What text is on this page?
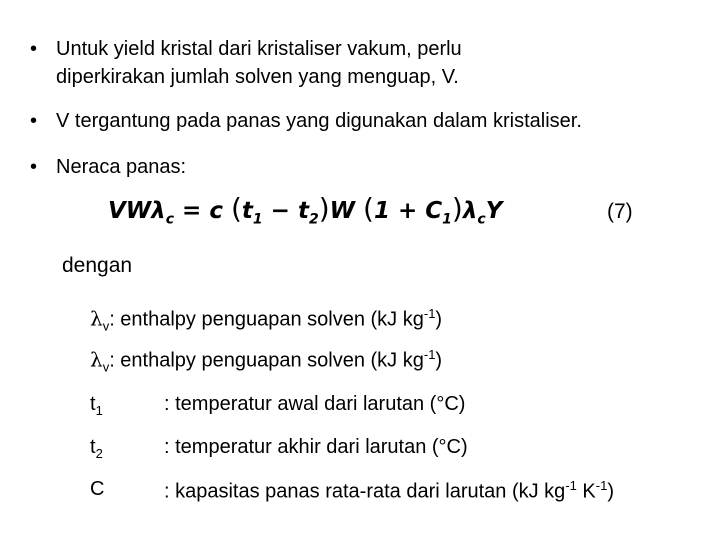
• Untuk yield kristal dari kristaliser vakum, perlu
diperkirakan jumlah solven yang menguap, V.
• V tergantung pada panas yang digunakan dalam kristaliser.
• Neraca panas:
VWλ$_c$ = c $(t_1 - t_2)W$ $(1 + C_1)\lambda_cY$	(7)
dengan
$\lambda_v$: enthalpy penguapan solven (kJ $kg^{-1}$)
$\lambda_v$: enthalpy penguapan solven (kJ $kg^{-1}$)
$t_1$	: temperatur awal dari larutan (°C)
$t_2$	: temperatur akhir dari larutan (°C)
C	: kapasitas panas rata-rata dari larutan (kJ $kg^{-1}$ $K^{-1}$)
